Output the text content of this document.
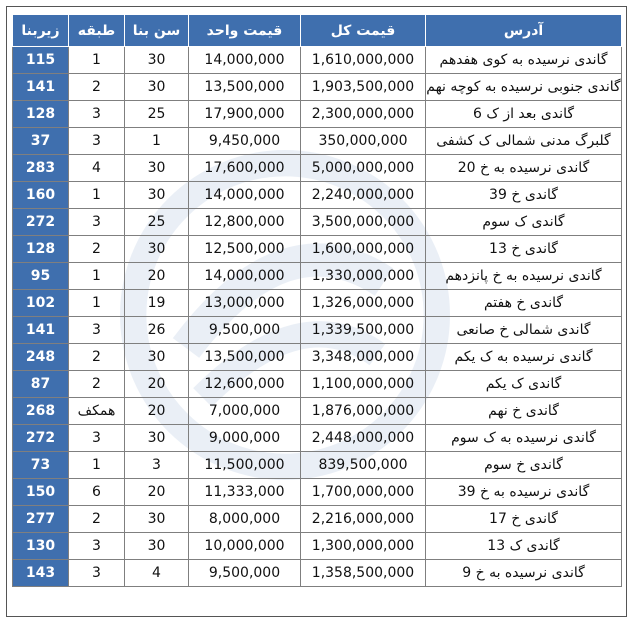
زیربنا	طبقه	سن بنا	قیمت واحد	قیمت کل	آدرس
115	1	30	14,000,000	1,610,000,000	گاندی نرسیده به کوی هفدهم
141	2	30	13,500,000	1,903,500,000	گاندی جنوبی نرسیده به کوچه نهم
128	3	25	17,900,000	2,300,000,000	گاندی بعد از ک 6
37	3	1	9,450,000	350,000,000	گلبرگ مدنی شمالی ک کشفی
283	4	30	17,600,000	5,000,000,000	گاندی نرسیده به خ 20
160	1	30	14,000,000	2,240,000,000	گاندی خ 39
272	3	25	12,800,000	3,500,000,000	گاندی ک سوم
128	2	30	12,500,000	1,600,000,000	گاندی خ 13
95	1	20	14,000,000	1,330,000,000	گاندی نرسیده به خ پانزدهم
102	1	19	13,000,000	1,326,000,000	گاندی خ هفتم
141	3	26	9,500,000	1,339,500,000	گاندی شمالی خ صانعی
248	2	30	13,500,000	3,348,000,000	گاندی نرسیده به ک یکم
87	2	20	12,600,000	1,100,000,000	گاندی ک یکم
268	همکف	20	7,000,000	1,876,000,000	گاندی خ نهم
272	3	30	9,000,000	2,448,000,000	گاندی نرسیده به ک سوم
73	1	3	11,500,000	839,500,000	گاندی خ سوم
150	6	20	11,333,000	1,700,000,000	گاندی نرسیده به خ 39
277	2	30	8,000,000	2,216,000,000	گاندی خ 17
130	3	30	10,000,000	1,300,000,000	گاندی ک 13
143	3	4	9,500,000	1,358,500,000	گاندی نرسیده به خ 9
